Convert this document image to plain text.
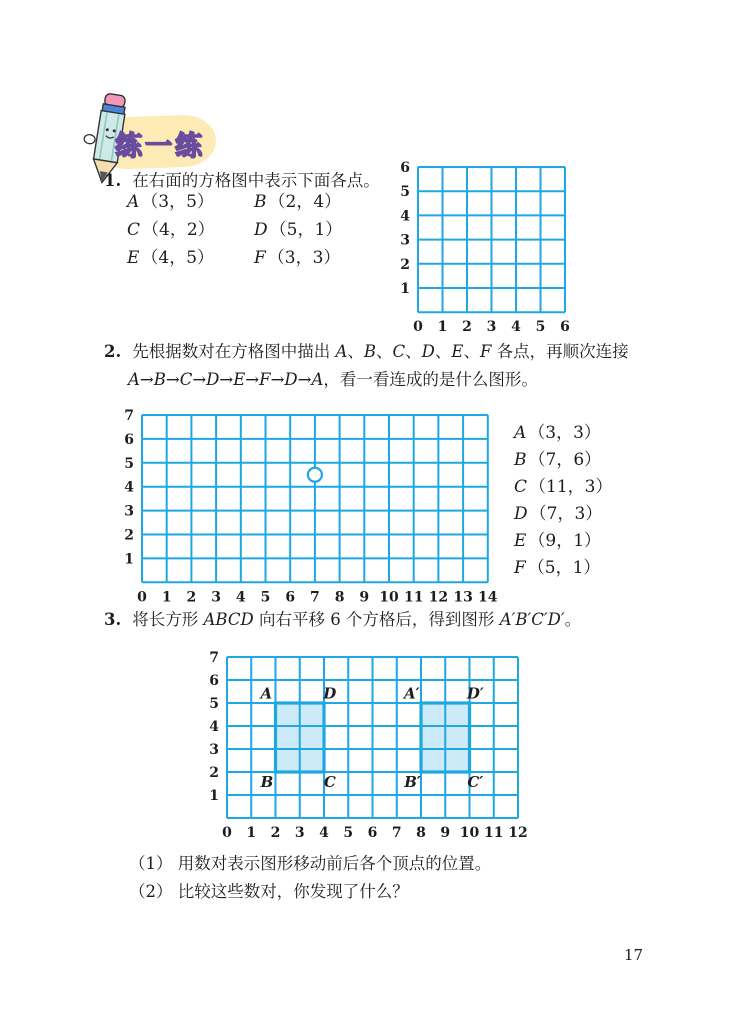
练一练
1. 在右面的方格图中表示下面各点。
A （3，5）	B （2，4）
C （4，2）	D （5，1）
E （4，5）	F （3，3）
0 1 2 3 4 5 6
1
2
3
4
5
6
2. 先根据数对在方格图中描出 A、B、C、D、E、F 各点，再顺次连接
A→B→C→D→E→F→D→A，看一看连成的是什么图形。
0 1 2 3 4 5 6 7 8 9 10 11 12 13 14
1
2
3
4
5
6
7
A （3，3）
B （7，6）
C （11，3）
D （7，3）
E （9，1）
F （5，1）
3. 将长方形 ABCD 向右平移 6 个方格后，得到图形 A′B′C′D′。
0 1 2 3 4 5 6 7 8 9 10 11 12
1
2
3
4
5
6
7
A	D
B	C
A′	D′
B′	C′
（1） 用数对表示图形移动前后各个顶点的位置。
（2） 比较这些数对，你发现了什么？
17
